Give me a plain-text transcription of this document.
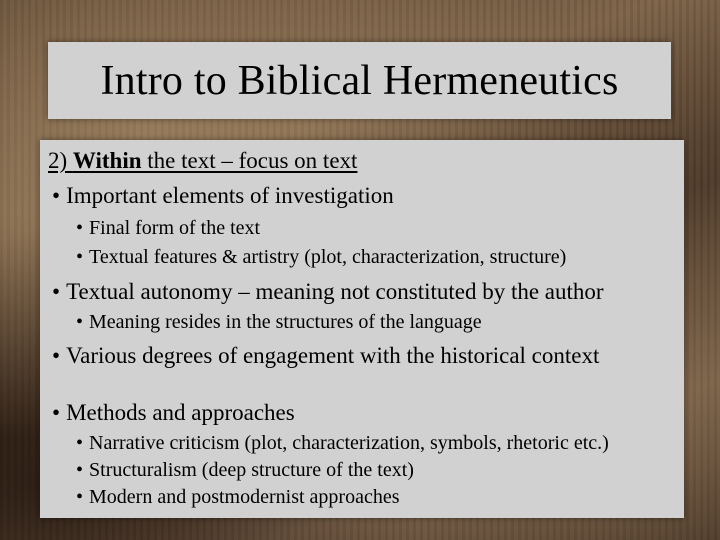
Intro to Biblical Hermeneutics
2) Within the text – focus on text
• Important elements of investigation
• Final form of the text
• Textual features & artistry (plot, characterization, structure)
• Textual autonomy – meaning not constituted by the author
• Meaning resides in the structures of the language
• Various degrees of engagement with the historical context
• Methods and approaches
• Narrative criticism (plot, characterization, symbols, rhetoric etc.)
• Structuralism (deep structure of the text)
• Modern and postmodernist approaches
